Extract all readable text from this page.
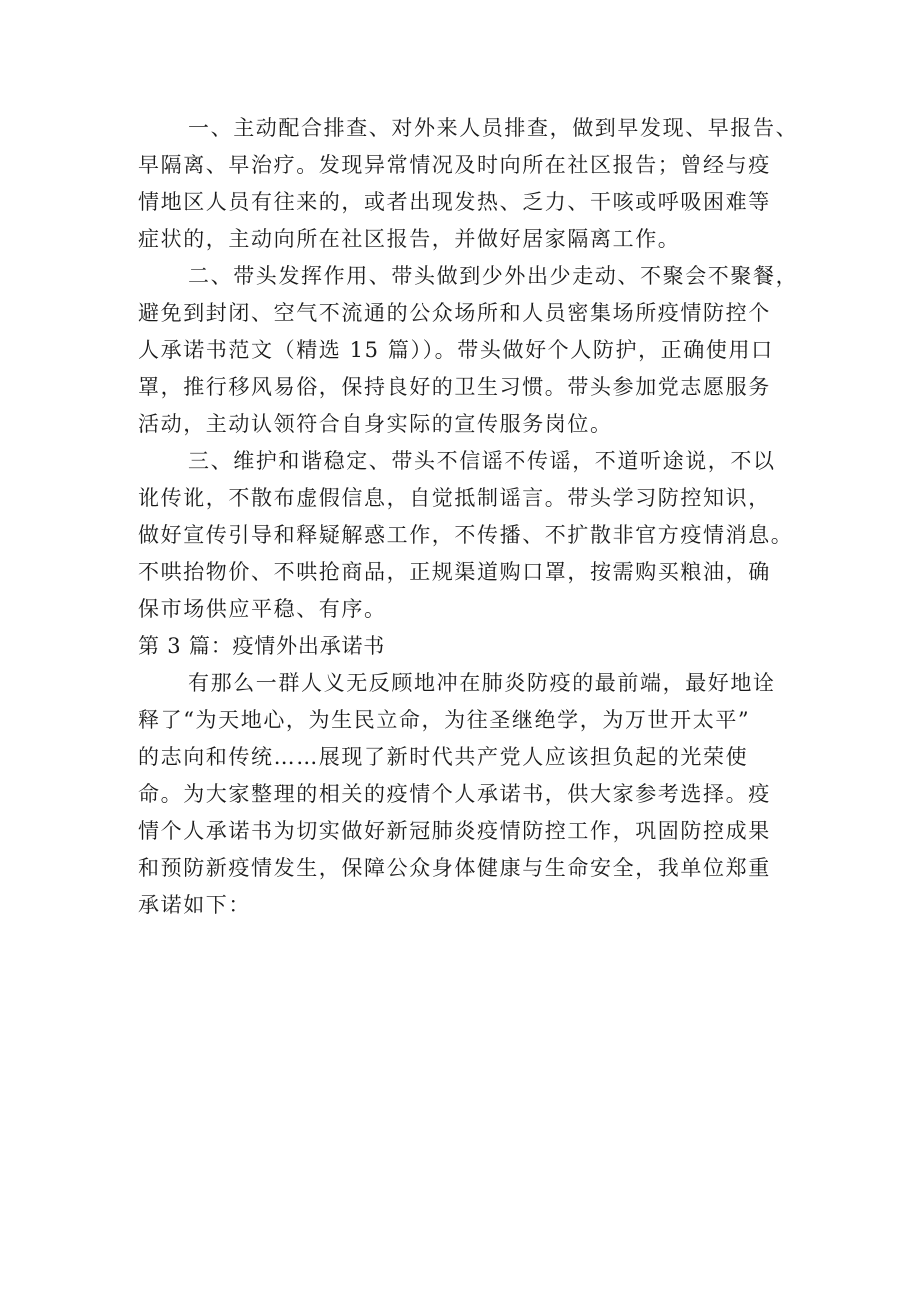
一、主动配合排查、对外来人员排查，做到早发现、早报告、
早隔离、早治疗。发现异常情况及时向所在社区报告；曾经与疫
情地区人员有往来的，或者出现发热、乏力、干咳或呼吸困难等
症状的，主动向所在社区报告，并做好居家隔离工作。
二、带头发挥作用、带头做到少外出少走动、不聚会不聚餐，
避免到封闭、空气不流通的公众场所和人员密集场所疫情防控个
人承诺书范文（精选 15 篇））。带头做好个人防护，正确使用口
罩，推行移风易俗，保持良好的卫生习惯。带头参加党志愿服务
活动，主动认领符合自身实际的宣传服务岗位。
三、维护和谐稳定、带头不信谣不传谣，不道听途说，不以
讹传讹，不散布虚假信息，自觉抵制谣言。带头学习防控知识，
做好宣传引导和释疑解惑工作，不传播、不扩散非官方疫情消息。
不哄抬物价、不哄抢商品，正规渠道购口罩，按需购买粮油，确
保市场供应平稳、有序。
第 3 篇：疫情外出承诺书
有那么一群人义无反顾地冲在肺炎防疫的最前端，最好地诠
释了“为天地心，为生民立命，为往圣继绝学，为万世开太平”
的志向和传统……展现了新时代共产党人应该担负起的光荣使
命。为大家整理的相关的疫情个人承诺书，供大家参考选择。疫
情个人承诺书为切实做好新冠肺炎疫情防控工作，巩固防控成果
和预防新疫情发生，保障公众身体健康与生命安全，我单位郑重
承诺如下：
